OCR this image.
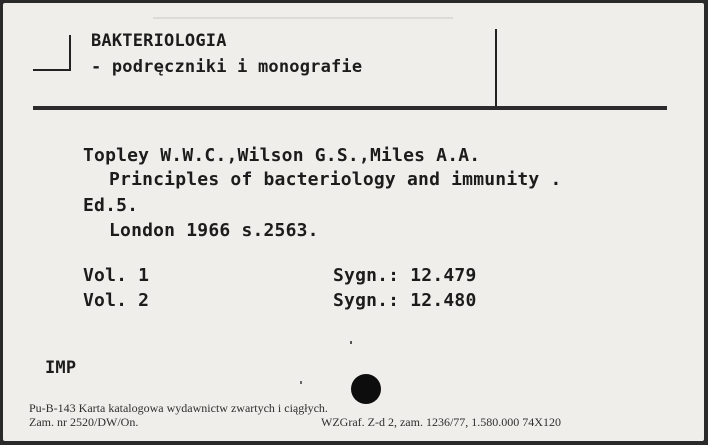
BAKTERIOLOGIA

- podręczniki i monografie

Topley W.W.C.,Wilson G.S.,Miles A.A.

Principles of bacteriology and immunity .

Ed.5.

London 1966 s.2563.

Vol. 1	Sygn.: 12.479

Vol. 2	Sygn.: 12.480

IMP

Pu-B-143 Karta katalogowa wydawnictw zwartych i ciągłych.

Zam. nr 2520/DW/On.	WZGraf. Z-d 2, zam. 1236/77, 1.580.000 74X120
